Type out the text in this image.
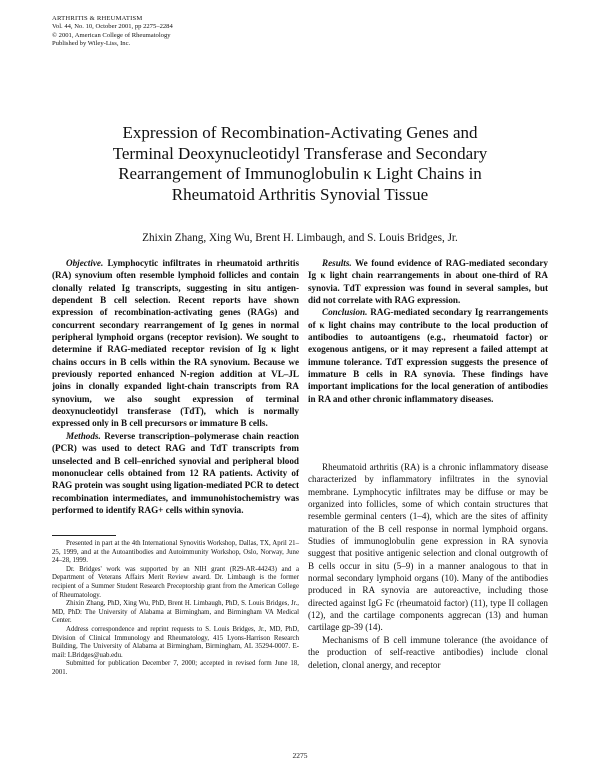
ARTHRITIS & RHEUMATISM
Vol. 44, No. 10, October 2001, pp 2275–2284
© 2001, American College of Rheumatology
Published by Wiley-Liss, Inc.
Expression of Recombination-Activating Genes and
Terminal Deoxynucleotidyl Transferase and Secondary
Rearrangement of Immunoglobulin κ Light Chains in
Rheumatoid Arthritis Synovial Tissue
Zhixin Zhang, Xing Wu, Brent H. Limbaugh, and S. Louis Bridges, Jr.

Objective. Lymphocytic infiltrates in rheumatoid arthritis (RA) synovium often resemble lymphoid follicles and contain clonally related Ig transcripts, suggesting in situ antigen-dependent B cell selection. Recent reports have shown expression of recombination-activating genes (RAGs) and concurrent secondary rearrangement of Ig genes in normal peripheral lymphoid organs (receptor revision). We sought to determine if RAG-mediated receptor revision of Ig κ light chains occurs in B cells within the RA synovium. Because we previously reported enhanced N-region addition at VL–JL joins in clonally expanded light-chain transcripts from RA synovium, we also sought expression of terminal deoxynucleotidyl transferase (TdT), which is normally expressed only in B cell precursors or immature B cells.

Methods. Reverse transcription–polymerase chain reaction (PCR) was used to detect RAG and TdT transcripts from unselected and B cell–enriched synovial and peripheral blood mononuclear cells obtained from 12 RA patients. Activity of RAG protein was sought using ligation-mediated PCR to detect recombination intermediates, and immunohistochemistry was performed to identify RAG+ cells within synovia.

Results. We found evidence of RAG-mediated secondary Ig κ light chain rearrangements in about one-third of RA synovia. TdT expression was found in several samples, but did not correlate with RAG expression.

Conclusion. RAG-mediated secondary Ig rearrangements of κ light chains may contribute to the local production of antibodies to autoantigens (e.g., rheumatoid factor) or exogenous antigens, or it may represent a failed attempt at immune tolerance. TdT expression suggests the presence of immature B cells in RA synovia. These findings have important implications for the local generation of antibodies in RA and other chronic inflammatory diseases.

Rheumatoid arthritis (RA) is a chronic inflammatory disease characterized by inflammatory infiltrates in the synovial membrane. Lymphocytic infiltrates may be diffuse or may be organized into follicles, some of which contain structures that resemble germinal centers (1–4), which are the sites of affinity maturation of the B cell response in normal lymphoid organs. Studies of immunoglobulin gene expression in RA synovia suggest that positive antigenic selection and clonal outgrowth of B cells occur in situ (5–9) in a manner analogous to that in normal secondary lymphoid organs (10). Many of the antibodies produced in RA synovia are autoreactive, including those directed against IgG Fc (rheumatoid factor) (11), type II collagen (12), and the cartilage components aggrecan (13) and human cartilage gp-39 (14).

Mechanisms of B cell immune tolerance (the avoidance of the production of self-reactive antibodies) include clonal deletion, clonal anergy, and receptor

Presented in part at the 4th International Synovitis Workshop, Dallas, TX, April 21–25, 1999, and at the Autoantibodies and Autoimmunity Workshop, Oslo, Norway, June 24–28, 1999.

Dr. Bridges' work was supported by an NIH grant (R29-AR-44243) and a Department of Veterans Affairs Merit Review award. Dr. Limbaugh is the former recipient of a Summer Student Research Preceptorship grant from the American College of Rheumatology.

Zhixin Zhang, PhD, Xing Wu, PhD, Brent H. Limbaugh, PhD, S. Louis Bridges, Jr., MD, PhD: The University of Alabama at Birmingham, and Birmingham VA Medical Center.

Address correspondence and reprint requests to S. Louis Bridges, Jr., MD, PhD, Division of Clinical Immunology and Rheumatology, 415 Lyons-Harrison Research Building, The University of Alabama at Birmingham, Birmingham, AL 35294-0007. E-mail: LBridges@uab.edu.

Submitted for publication December 7, 2000; accepted in revised form June 18, 2001.

2275
